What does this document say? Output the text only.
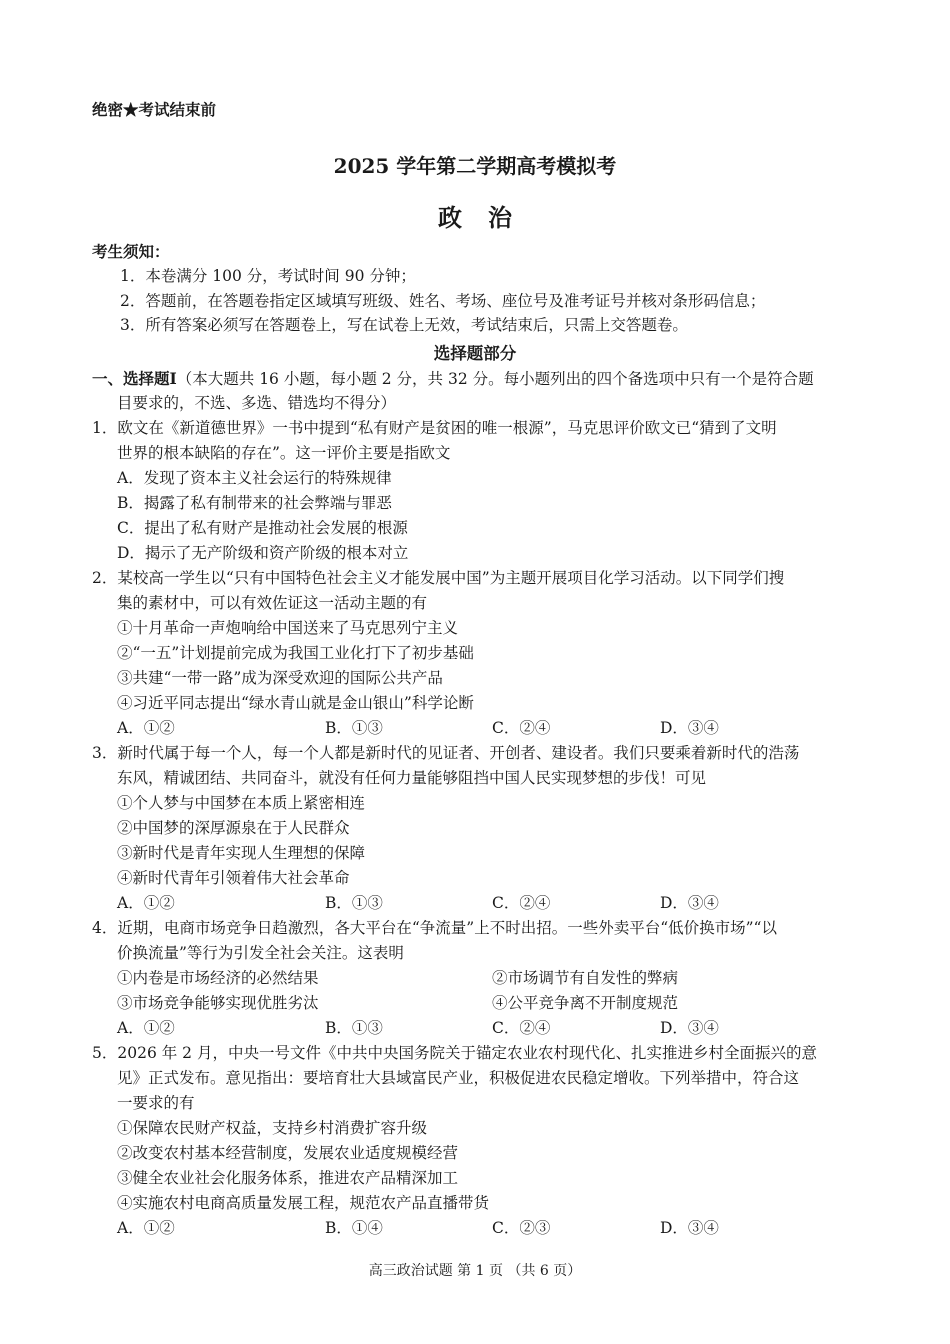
绝密★考试结束前
2025 学年第二学期高考模拟考
政治
考生须知：
1．本卷满分 100 分，考试时间 90 分钟；
2．答题前，在答题卷指定区域填写班级、姓名、考场、座位号及准考证号并核对条形码信息；
3．所有答案必须写在答题卷上，写在试卷上无效，考试结束后，只需上交答题卷。
选择题部分
一、选择题Ⅰ（本大题共 16 小题，每小题 2 分，共 32 分。每小题列出的四个备选项中只有一个是符合题
目要求的，不选、多选、错选均不得分）
1．欧文在《新道德世界》一书中提到“私有财产是贫困的唯一根源”，马克思评价欧文已“猜到了文明
世界的根本缺陷的存在”。这一评价主要是指欧文
A．发现了资本主义社会运行的特殊规律
B．揭露了私有制带来的社会弊端与罪恶
C．提出了私有财产是推动社会发展的根源
D．揭示了无产阶级和资产阶级的根本对立
2．某校高一学生以“只有中国特色社会主义才能发展中国”为主题开展项目化学习活动。以下同学们搜
集的素材中，可以有效佐证这一活动主题的有
①十月革命一声炮响给中国送来了马克思列宁主义
②“一五”计划提前完成为我国工业化打下了初步基础
③共建“一带一路”成为深受欢迎的国际公共产品
④习近平同志提出“绿水青山就是金山银山”科学论断
A．①②	B．①③	C．②④	D．③④
3．新时代属于每一个人，每一个人都是新时代的见证者、开创者、建设者。我们只要乘着新时代的浩荡
东风，精诚团结、共同奋斗，就没有任何力量能够阻挡中国人民实现梦想的步伐！可见
①个人梦与中国梦在本质上紧密相连
②中国梦的深厚源泉在于人民群众
③新时代是青年实现人生理想的保障
④新时代青年引领着伟大社会革命
A．①②	B．①③	C．②④	D．③④
4．近期，电商市场竞争日趋激烈，各大平台在“争流量”上不时出招。一些外卖平台“低价换市场”“以
价换流量”等行为引发全社会关注。这表明
①内卷是市场经济的必然结果	②市场调节有自发性的弊病
③市场竞争能够实现优胜劣汰	④公平竞争离不开制度规范
A．①②	B．①③	C．②④	D．③④
5．2026 年 2 月，中央一号文件《中共中央国务院关于锚定农业农村现代化、扎实推进乡村全面振兴的意
见》正式发布。意见指出：要培育壮大县域富民产业，积极促进农民稳定增收。下列举措中，符合这
一要求的有
①保障农民财产权益，支持乡村消费扩容升级
②改变农村基本经营制度，发展农业适度规模经营
③健全农业社会化服务体系，推进农产品精深加工
④实施农村电商高质量发展工程，规范农产品直播带货
A．①②	B．①④	C．②③	D．③④
高三政治试题 第 1 页 （共 6 页）
